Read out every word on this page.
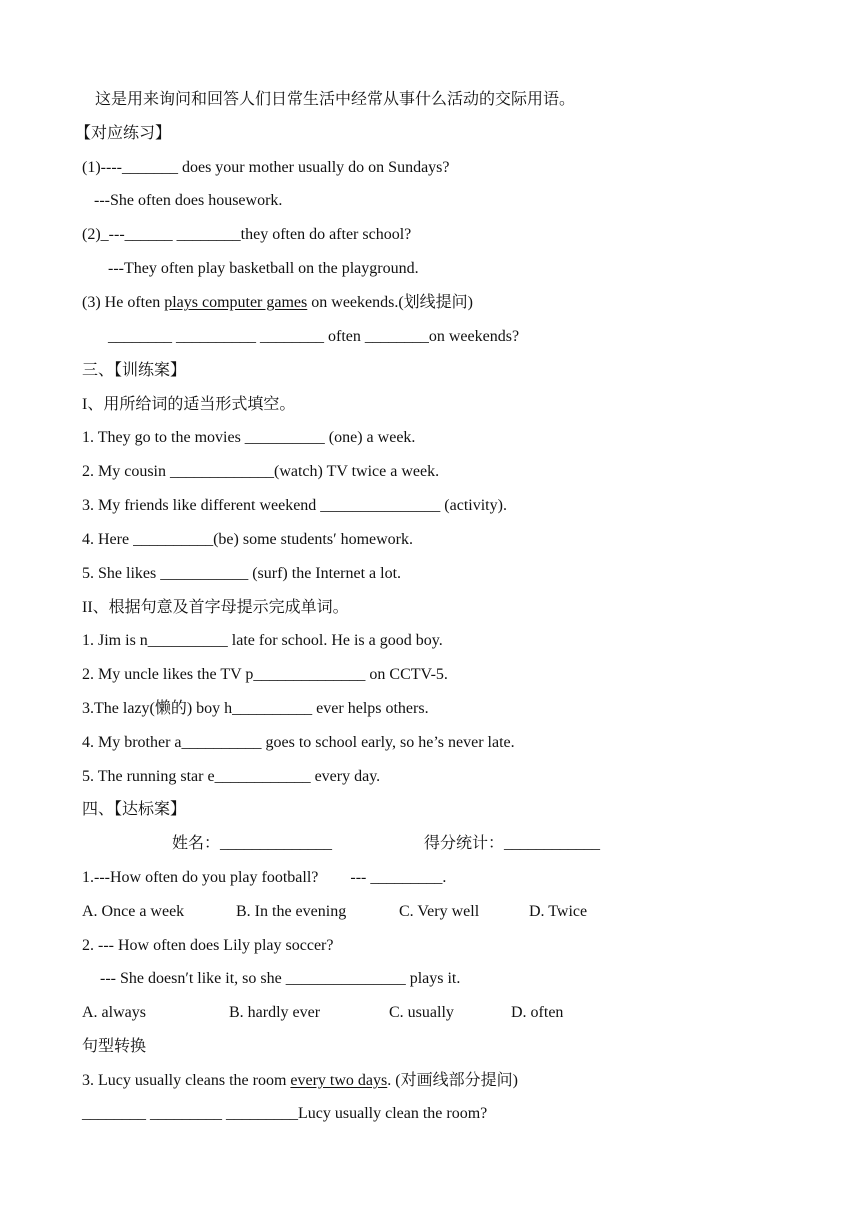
这是用来询问和回答人们日常生活中经常从事什么活动的交际用语。
【对应练习】
(1)----_______ does your mother usually do on Sundays?
---She often does housework.
(2)_---______ ________they often do after school?
---They often play basketball on the playground.
(3) He often plays computer games on weekends.(划线提问)
________ __________ ________ often ________on weekends?
三、【训练案】
I、用所给词的适当形式填空。
1. They go to the movies __________ (one) a week.
2. My cousin _____________(watch) TV twice a week.
3. My friends like different weekend _______________ (activity).
4. Here __________(be) some students′ homework.
5. She likes ___________ (surf) the Internet a lot.
II、根据句意及首字母提示完成单词。
1. Jim is n__________ late for school. He is a good boy.
2. My uncle likes the TV p______________ on CCTV-5.
3.The lazy(懒的) boy h__________ ever helps others.
4. My brother a__________ goes to school early, so he’s never late.
5. The running star e____________ every day.
四、【达标案】
姓名：______________	得分统计：____________
1.---How often do you play football?        --- _________.
A. Once a week	B. In the evening	C. Very well	D. Twice
2. --- How often does Lily play soccer?
--- She doesn′t like it, so she _______________ plays it.
A. always	B. hardly ever	C. usually	D. often
句型转换
3. Lucy usually cleans the room every two days. (对画线部分提问)
________ _________ _________Lucy usually clean the room?
